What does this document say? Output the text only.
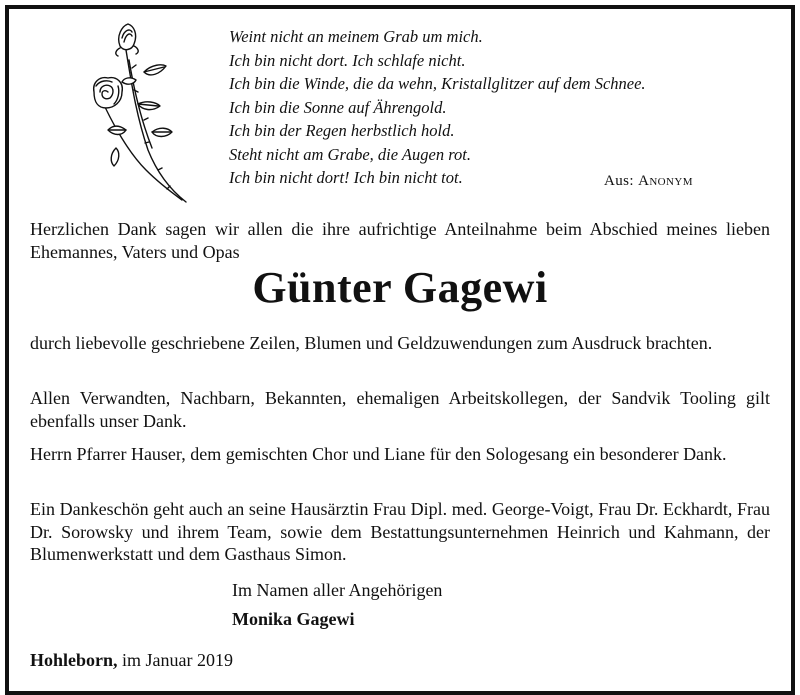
Weint nicht an meinem Grab um mich.
Ich bin nicht dort. Ich schlafe nicht.
Ich bin die Winde, die da wehn, Kristallglitzer auf dem Schnee.
Ich bin die Sonne auf Ährengold.
Ich bin der Regen herbstlich hold.
Steht nicht am Grabe, die Augen rot.
Ich bin nicht dort! Ich bin nicht tot.	Aus: Anonym
Herzlichen Dank sagen wir allen die ihre aufrichtige Anteilnahme beim Abschied meines lieben Ehemannes, Vaters und Opas
Günter Gagewi
durch liebevolle geschriebene Zeilen, Blumen und Geldzuwendungen zum Ausdruck brachten.
Allen Verwandten, Nachbarn, Bekannten, ehemaligen Arbeitskollegen, der Sandvik Tooling gilt ebenfalls unser Dank.
Herrn Pfarrer Hauser, dem gemischten Chor und Liane für den Sologesang ein besonderer Dank.
Ein Dankeschön geht auch an seine Hausärztin Frau Dipl. med. George-Voigt, Frau Dr. Eckhardt, Frau Dr. Sorowsky und ihrem Team, sowie dem Bestattungsunternehmen Heinrich und Kahmann, der Blumenwerkstatt und dem Gasthaus Simon.
Im Namen aller Angehörigen
Monika Gagewi
Hohleborn, im Januar 2019
